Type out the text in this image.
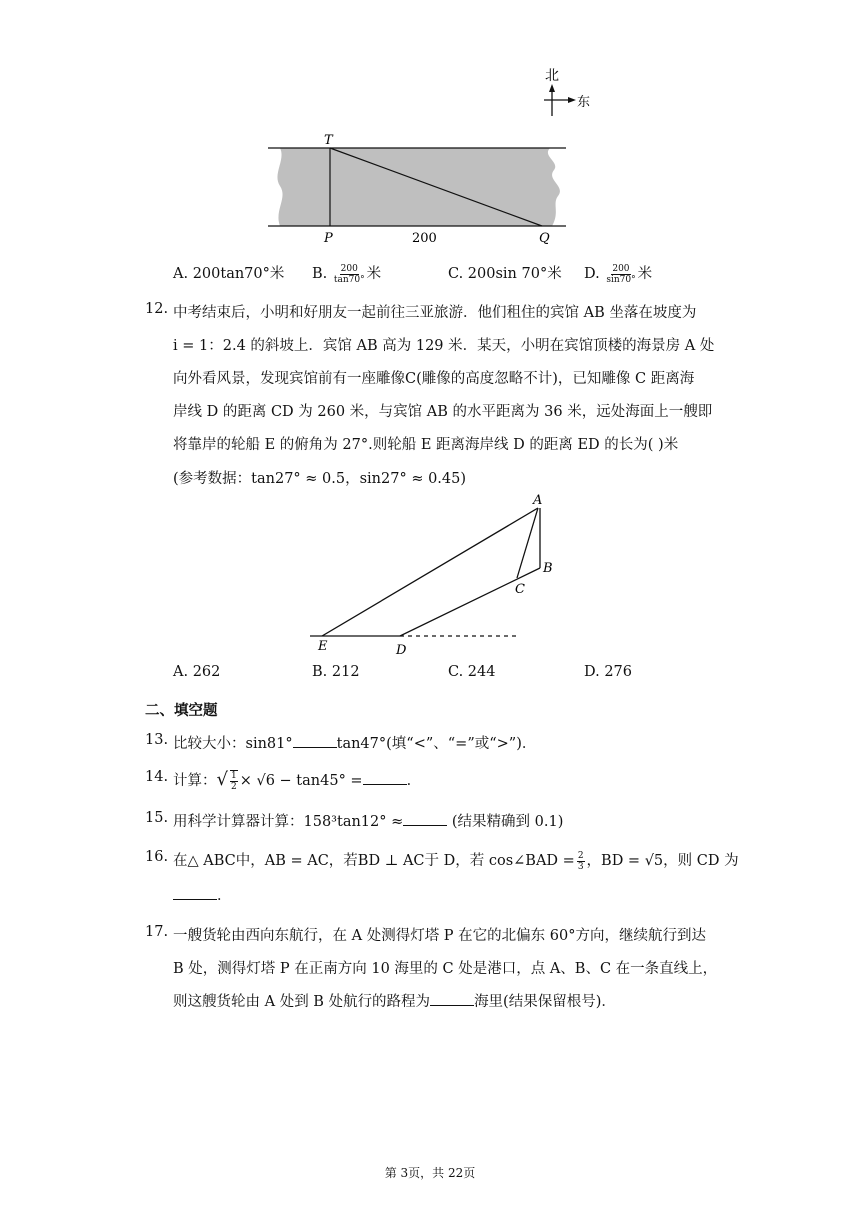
北
东
T
P	200	Q
A. 200tan70°米 B. $\frac{200}{\tan 70^\circ}$ 米	C. 200sin 70°米 D. $\frac{200}{\sin 70^\circ}$ 米
12. 中考结束后，小明和好朋友一起前往三亚旅游．他们租住的宾馆 AB 坐落在坡度为
i = 1：2.4 的斜坡上．宾馆 AB 高为 129 米．某天，小明在宾馆顶楼的海景房 A 处
向外看风景，发现宾馆前有一座雕像C(雕像的高度忽略不计)，已知雕像 C 距离海
岸线 D 的距离 CD 为 260 米，与宾馆 AB 的水平距离为 36 米，远处海面上一艘即
将靠岸的轮船 E 的俯角为 27°.则轮船 E 距离海岸线 D 的距离 ED 的长为( )米
(参考数据：tan27° ≈ 0.5，sin27° ≈ 0.45)
A
B
C
D
E
A. 262	B. 212	C. 244	D. 276
二、填空题
13. 比较大小：sin81°	tan47°(填“<”、“=”或“>”)．
14. 计算：√ $\frac{1}{2} \times √6 - \tan 45^\circ$ =	．
15. 用科学计算器计算：158³tan12° ≈	(结果精确到 0.1)
16. 在△ ABC中，AB = AC，若BD ⊥ AC于 D，若 cos∠BAD = $\frac{2}{3}$ ，BD = √5，则 CD 为
．
17. 一艘货轮由西向东航行，在 A 处测得灯塔 P 在它的北偏东 60°方向，继续航行到达
B 处，测得灯塔 P 在正南方向 10 海里的 C 处是港口，点 A、B、C 在一条直线上，
则这艘货轮由 A 处到 B 处航行的路程为	海里(结果保留根号)．
第 3页，共 22页
